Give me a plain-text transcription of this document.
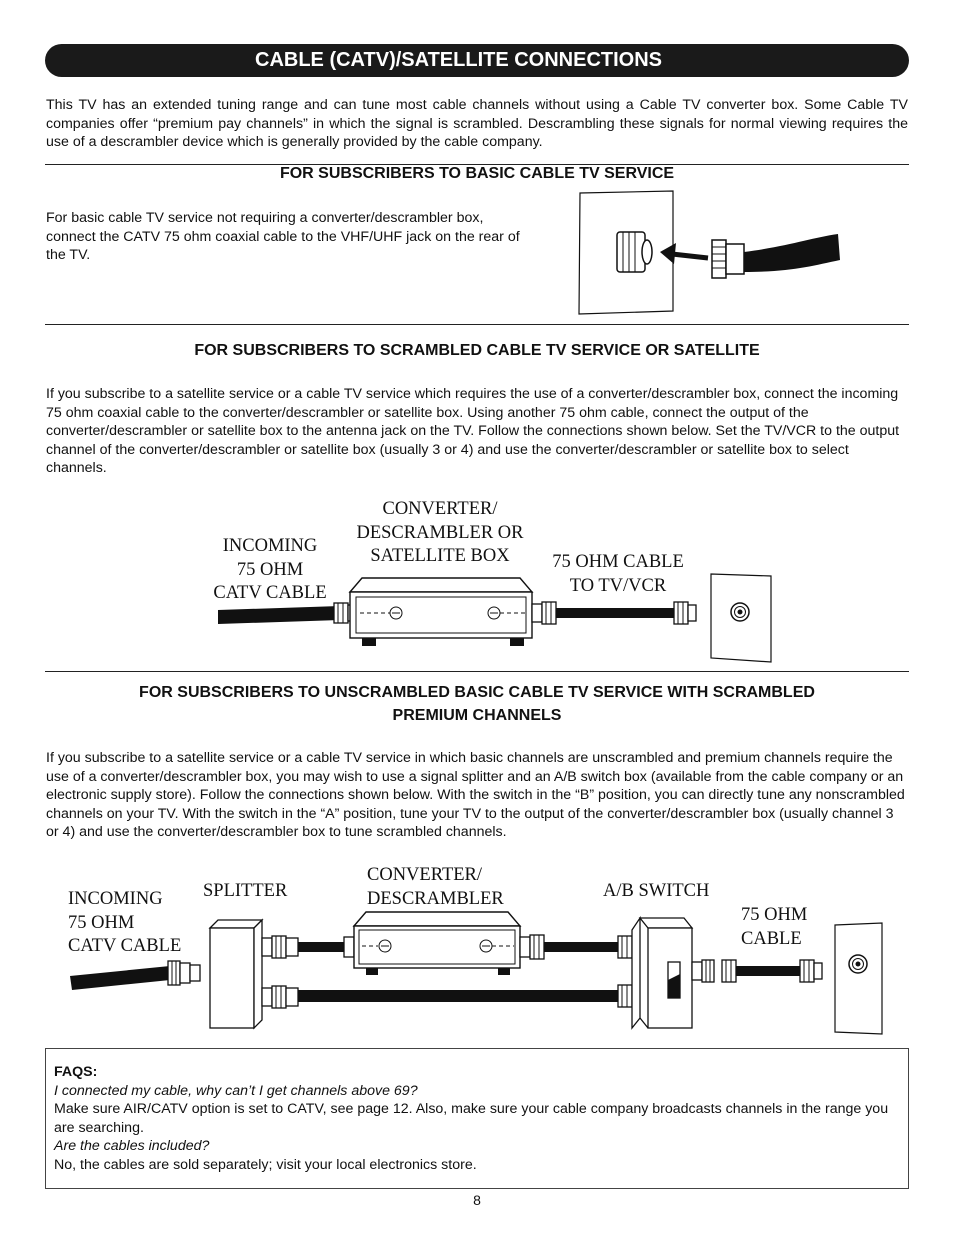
CABLE (CATV)/SATELLITE CONNECTIONS

This TV has an extended tuning range and can tune most cable channels without using a Cable TV converter box. Some Cable TV companies offer “premium pay channels” in which the signal is scrambled. Descrambling these signals for normal viewing requires the use of a descrambler device which is generally provided by the cable company.

FOR SUBSCRIBERS TO BASIC CABLE TV SERVICE

For basic cable TV service not requiring a converter/descrambler box, connect the CATV 75 ohm coaxial cable to the VHF/UHF jack on the rear of the TV.

FOR SUBSCRIBERS TO SCRAMBLED CABLE TV SERVICE OR SATELLITE

If you subscribe to a satellite service or a cable TV service which requires the use of a converter/descrambler box, connect the incoming 75 ohm coaxial cable to the converter/descrambler or satellite box. Using another 75 ohm cable, connect the output of the converter/descrambler or satellite box to the antenna jack on the TV. Follow the connections shown below. Set the TV/VCR to the output channel of the converter/descrambler or satellite box (usually 3 or 4) and use the converter/descrambler or satellite box to select channels.

INCOMING
75 OHM
CATV CABLE
CONVERTER/
DESCRAMBLER OR
SATELLITE BOX	75 OHM CABLE
TO TV/VCR

FOR SUBSCRIBERS TO UNSCRAMBLED BASIC CABLE TV SERVICE WITH SCRAMBLED
PREMIUM CHANNELS

If you subscribe to a satellite service or a cable TV service in which basic channels are unscrambled and premium channels require the use of a converter/descrambler box, you may wish to use a signal splitter and an A/B switch box (available from the cable company or an electronic supply store). Follow the connections shown below. With the switch in the “B” position, you can directly tune any nonscrambled channels on your TV. With the switch in the “A” position, tune your TV to the output of the converter/descrambler box (usually channel 3 or 4) and use the converter/descrambler box to tune scrambled channels.

INCOMING
75 OHM
CATV CABLE
SPLITTER
CONVERTER/
DESCRAMBLER	A/B SWITCH
75 OHM
CABLE

FAQS:

I connected my cable, why can’t I get channels above 69?

Make sure AIR/CATV option is set to CATV, see page 12. Also, make sure your cable company broadcasts channels in the range you are searching.

Are the cables included?

No, the cables are sold separately; visit your local electronics store.

8
